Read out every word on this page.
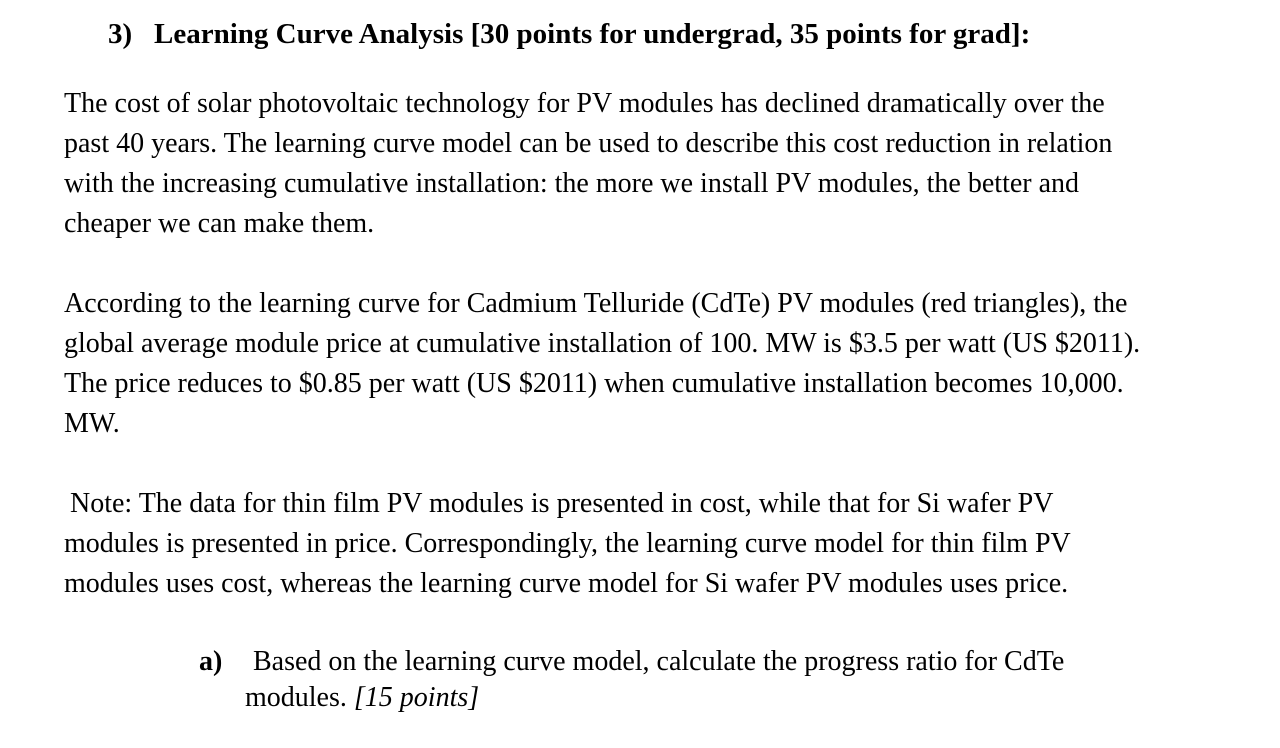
3) Learning Curve Analysis [30 points for undergrad, 35 points for grad]:

The cost of solar photovoltaic technology for PV modules has declined dramatically over the
past 40 years. The learning curve model can be used to describe this cost reduction in relation
with the increasing cumulative installation: the more we install PV modules, the better and
cheaper we can make them.

According to the learning curve for Cadmium Telluride (CdTe) PV modules (red triangles), the
global average module price at cumulative installation of 100. MW is $3.5 per watt (US $2011).
The price reduces to $0.85 per watt (US $2011) when cumulative installation becomes 10,000.
MW.

Note: The data for thin film PV modules is presented in cost, while that for Si wafer PV
modules is presented in price. Correspondingly, the learning curve model for thin film PV
modules uses cost, whereas the learning curve model for Si wafer PV modules uses price.

a)	Based on the learning curve model, calculate the progress ratio for CdTe
modules. [15 points]
